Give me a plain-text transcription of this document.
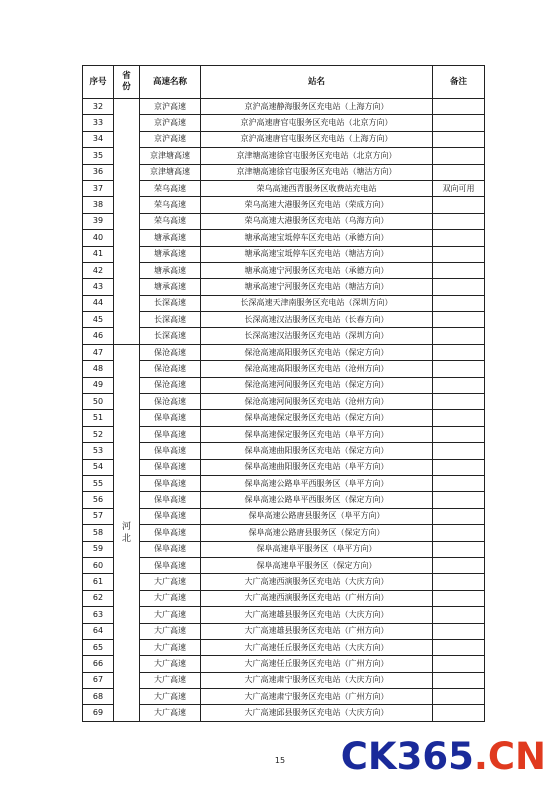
序号	省份	高速名称	站名	备注
32		京沪高速	京沪高速静海服务区充电站（上海方向）	
33		京沪高速	京沪高速唐官屯服务区充电站（北京方向）	
34		京沪高速	京沪高速唐官屯服务区充电站（上海方向）	
35		京津塘高速	京津塘高速徐官屯服务区充电站（北京方向）	
36		京津塘高速	京津塘高速徐官屯服务区充电站（塘沽方向）	
37		荣乌高速	荣乌高速西青服务区收费站充电站	双向可用
38		荣乌高速	荣乌高速大港服务区充电站（荣成方向）	
39		荣乌高速	荣乌高速大港服务区充电站（乌海方向）	
40		塘承高速	塘承高速宝坻停车区充电站（承德方向）	
41		塘承高速	塘承高速宝坻停车区充电站（塘沽方向）	
42		塘承高速	塘承高速宁河服务区充电站（承德方向）	
43		塘承高速	塘承高速宁河服务区充电站（塘沽方向）	
44		长深高速	长深高速天津南服务区充电站（深圳方向）	
45		长深高速	长深高速汉沽服务区充电站（长春方向）	
46		长深高速	长深高速汉沽服务区充电站（深圳方向）	
47	河北	保沧高速	保沧高速高阳服务区充电站（保定方向）	
48		保沧高速	保沧高速高阳服务区充电站（沧州方向）	
49		保沧高速	保沧高速河间服务区充电站（保定方向）	
50		保沧高速	保沧高速河间服务区充电站（沧州方向）	
51		保阜高速	保阜高速保定服务区充电站（保定方向）	
52		保阜高速	保阜高速保定服务区充电站（阜平方向）	
53		保阜高速	保阜高速曲阳服务区充电站（保定方向）	
54		保阜高速	保阜高速曲阳服务区充电站（阜平方向）	
55		保阜高速	保阜高速公路阜平西服务区（阜平方向）	
56		保阜高速	保阜高速公路阜平西服务区（保定方向）	
57		保阜高速	保阜高速公路唐县服务区（阜平方向）	
58		保阜高速	保阜高速公路唐县服务区（保定方向）	
59		保阜高速	保阜高速阜平服务区（阜平方向）	
60		保阜高速	保阜高速阜平服务区（保定方向）	
61		大广高速	大广高速西演服务区充电站（大庆方向）	
62		大广高速	大广高速西演服务区充电站（广州方向）	
63		大广高速	大广高速雄县服务区充电站（大庆方向）	
64		大广高速	大广高速雄县服务区充电站（广州方向）	
65		大广高速	大广高速任丘服务区充电站（大庆方向）	
66		大广高速	大广高速任丘服务区充电站（广州方向）	
67		大广高速	大广高速肃宁服务区充电站（大庆方向）	
68		大广高速	大广高速肃宁服务区充电站（广州方向）	
69		大广高速	大广高速邱县服务区充电站（大庆方向）	
15	CK365.CN
